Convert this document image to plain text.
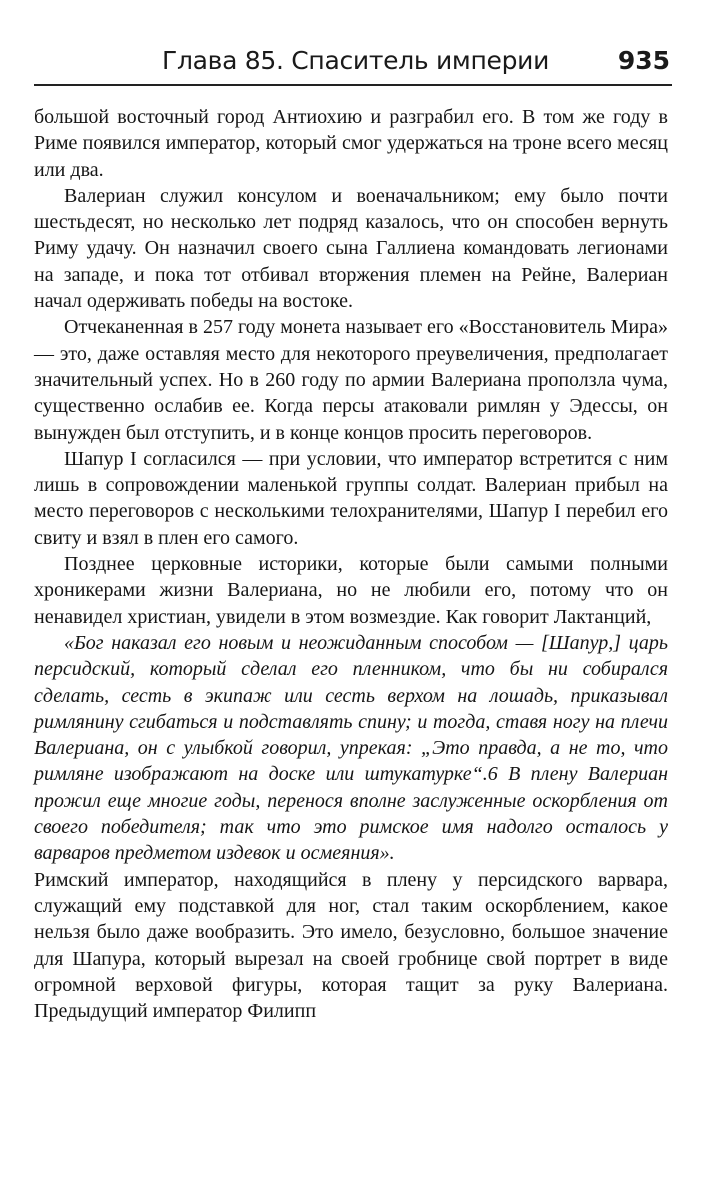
Глава 85. Спаситель империи	935

большой восточный город Антиохию и разграбил его. В том же году в Риме появился император, который смог удержаться на троне всего месяц или два.

Валериан служил консулом и военачальником; ему было почти шестьдесят, но несколько лет подряд казалось, что он способен вернуть Риму удачу. Он назначил своего сына Галлиена командовать легионами на западе, и пока тот отбивал вторжения племен на Рейне, Валериан начал одерживать победы на востоке.

Отчеканенная в 257 году монета называет его «Восстановитель Мира» — это, даже оставляя место для некоторого преувеличения, предполагает значительный успех. Но в 260 году по армии Валериана проползла чума, существенно ослабив ее. Когда персы атаковали римлян у Эдессы, он вынужден был отступить, и в конце концов просить переговоров.

Шапур I согласился — при условии, что император встретится с ним лишь в сопровождении маленькой группы солдат. Валериан прибыл на место переговоров с несколькими телохранителями, Шапур I перебил его свиту и взял в плен его самого.

Позднее церковные историки, которые были самыми полными хроникерами жизни Валериана, но не любили его, потому что он ненавидел христиан, увидели в этом возмездие. Как говорит Лактанций,

«Бог наказал его новым и неожиданным способом — [Шапур,] царь персидский, который сделал его пленником, что бы ни собирался сделать, сесть в экипаж или сесть верхом на лошадь, приказывал римлянину сгибаться и подставлять спину; и тогда, ставя ногу на плечи Валериана, он с улыбкой говорил, упрекая: „Это правда, а не то, что римляне изображают на доске или штукатурке“.6 В плену Валериан прожил еще многие годы, перенося вполне заслуженные оскорбления от своего победителя; так что это римское имя надолго осталось у варваров предметом издевок и осмеяния».

Римский император, находящийся в плену у персидского варвара, служащий ему подставкой для ног, стал таким оскорблением, какое нельзя было даже вообразить. Это имело, безусловно, большое значение для Шапура, который вырезал на своей гробнице свой портрет в виде огромной верховой фигуры, которая тащит за руку Валериана. Предыдущий император Филипп
